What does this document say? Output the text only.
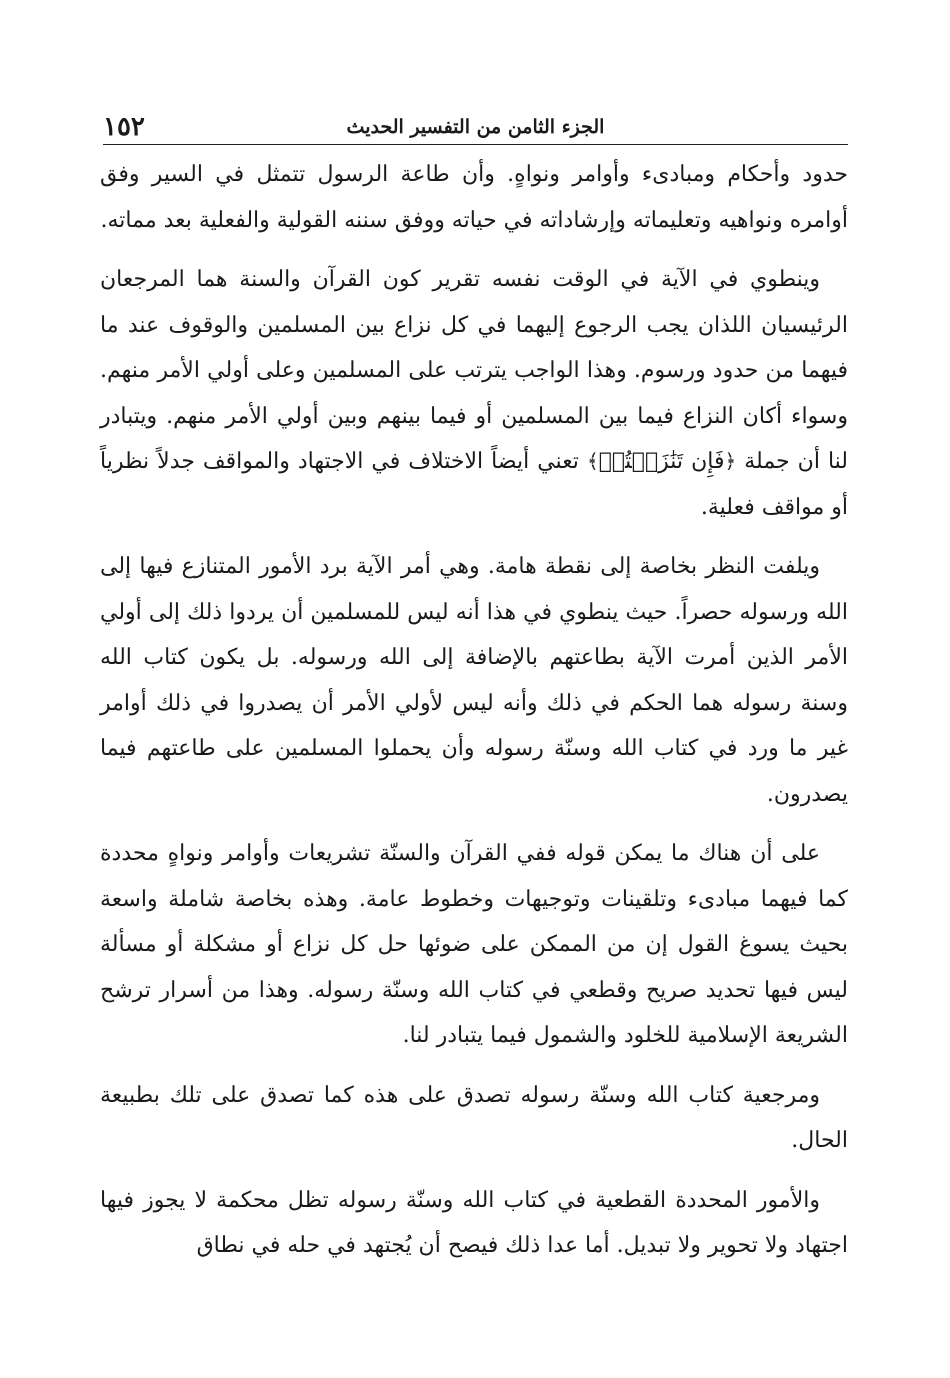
١٥٢	الجزء الثامن من التفسير الحديث

حدود وأحكام ومبادىء وأوامر ونواهٍ. وأن طاعة الرسول تتمثل في السير وفق أوامره ونواهيه وتعليماته وإرشاداته في حياته ووفق سننه القولية والفعلية بعد مماته.

وينطوي في الآية في الوقت نفسه تقرير كون القرآن والسنة هما المرجعان الرئيسيان اللذان يجب الرجوع إليهما في كل نزاع بين المسلمين والوقوف عند ما فيهما من حدود ورسوم. وهذا الواجب يترتب على المسلمين وعلى أولي الأمر منهم. وسواء أكان النزاع فيما بين المسلمين أو فيما بينهم وبين أولي الأمر منهم. ويتبادر لنا أن جملة ﴿فَإِن تَنَٰزَعۡتُمۡ﴾ تعني أيضاً الاختلاف في الاجتهاد والمواقف جدلاً نظرياً أو مواقف فعلية.

ويلفت النظر بخاصة إلى نقطة هامة. وهي أمر الآية برد الأمور المتنازع فيها إلى الله ورسوله حصراً. حيث ينطوي في هذا أنه ليس للمسلمين أن يردوا ذلك إلى أولي الأمر الذين أمرت الآية بطاعتهم بالإضافة إلى الله ورسوله. بل يكون كتاب الله وسنة رسوله هما الحكم في ذلك وأنه ليس لأولي الأمر أن يصدروا في ذلك أوامر غير ما ورد في كتاب الله وسنّة رسوله وأن يحملوا المسلمين على طاعتهم فيما يصدرون.

على أن هناك ما يمكن قوله ففي القرآن والسنّة تشريعات وأوامر ونواهٍ محددة كما فيهما مبادىء وتلقينات وتوجيهات وخطوط عامة. وهذه بخاصة شاملة واسعة بحيث يسوغ القول إن من الممكن على ضوئها حل كل نزاع أو مشكلة أو مسألة ليس فيها تحديد صريح وقطعي في كتاب الله وسنّة رسوله. وهذا من أسرار ترشح الشريعة الإسلامية للخلود والشمول فيما يتبادر لنا.

ومرجعية كتاب الله وسنّة رسوله تصدق على هذه كما تصدق على تلك بطبيعة الحال.

والأمور المحددة القطعية في كتاب الله وسنّة رسوله تظل محكمة لا يجوز فيها اجتهاد ولا تحوير ولا تبديل. أما عدا ذلك فيصح أن يُجتهد في حله في نطاق
